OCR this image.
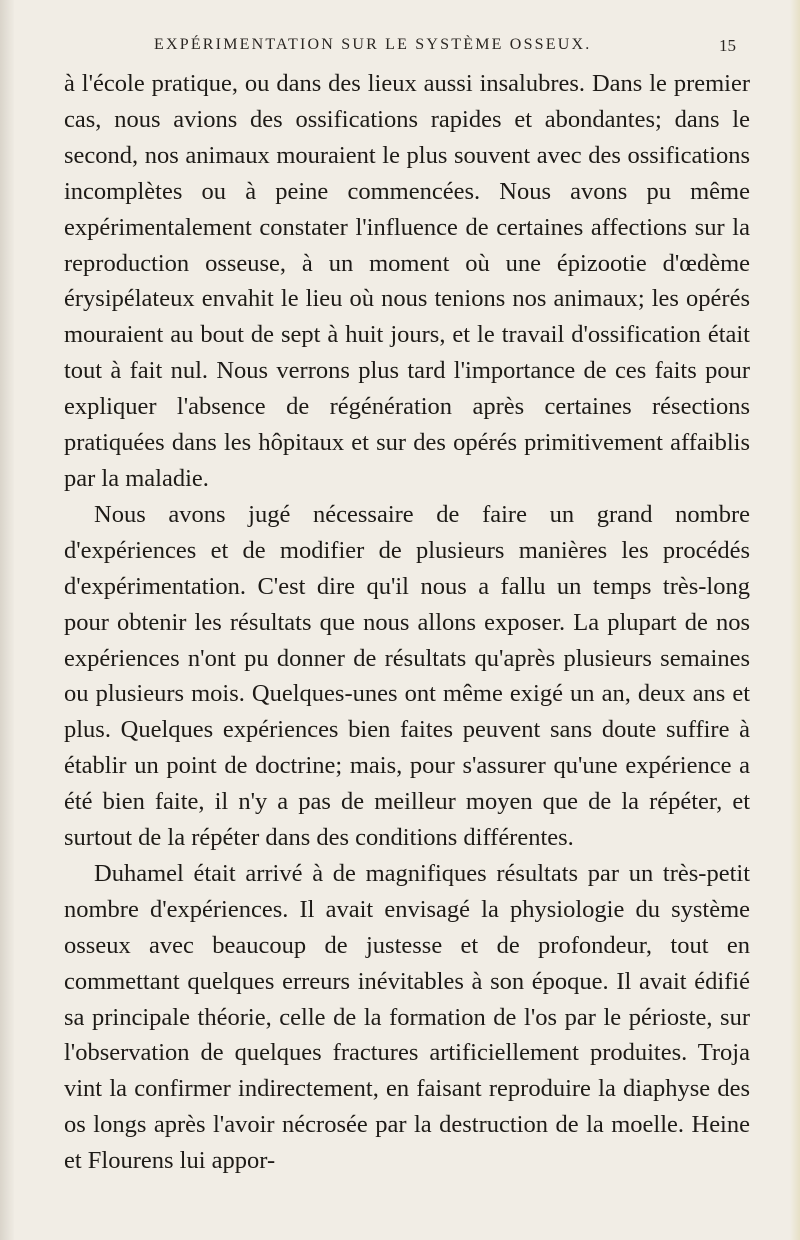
EXPÉRIMENTATION SUR LE SYSTÈME OSSEUX.	15

à l'école pratique, ou dans des lieux aussi insalubres. Dans le premier cas, nous avions des ossifications rapides et abondantes; dans le second, nos animaux mouraient le plus souvent avec des ossifications incomplètes ou à peine commencées. Nous avons pu même expérimentalement constater l'influence de certaines affections sur la reproduction osseuse, à un moment où une épizootie d'œdème érysipélateux envahit le lieu où nous tenions nos animaux; les opérés mouraient au bout de sept à huit jours, et le travail d'ossification était tout à fait nul. Nous verrons plus tard l'importance de ces faits pour expliquer l'absence de régénération après certaines résections pratiquées dans les hôpitaux et sur des opérés primitivement affaiblis par la maladie.

Nous avons jugé nécessaire de faire un grand nombre d'expériences et de modifier de plusieurs manières les procédés d'expérimentation. C'est dire qu'il nous a fallu un temps très-long pour obtenir les résultats que nous allons exposer. La plupart de nos expériences n'ont pu donner de résultats qu'après plusieurs semaines ou plusieurs mois. Quelques-unes ont même exigé un an, deux ans et plus. Quelques expériences bien faites peuvent sans doute suffire à établir un point de doctrine; mais, pour s'assurer qu'une expérience a été bien faite, il n'y a pas de meilleur moyen que de la répéter, et surtout de la répéter dans des conditions différentes.

Duhamel était arrivé à de magnifiques résultats par un très-petit nombre d'expériences. Il avait envisagé la physiologie du système osseux avec beaucoup de justesse et de profondeur, tout en commettant quelques erreurs inévitables à son époque. Il avait édifié sa principale théorie, celle de la formation de l'os par le périoste, sur l'observation de quelques fractures artificiellement produites. Troja vint la confirmer indirectement, en faisant reproduire la diaphyse des os longs après l'avoir nécrosée par la destruction de la moelle. Heine et Flourens lui appor-
